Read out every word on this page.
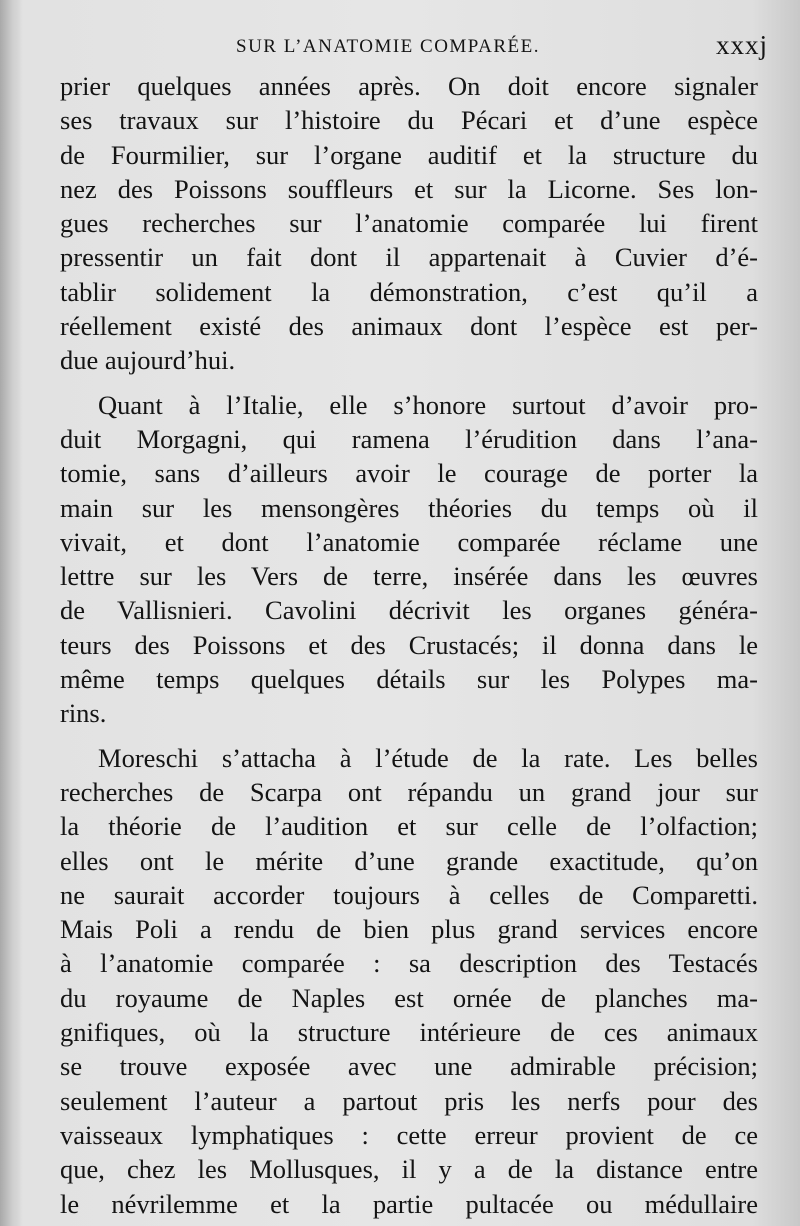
SUR L’ANATOMIE COMPARÉE.	xxxj
prier quelques années après. On doit encore signaler
ses travaux sur l’histoire du Pécari et d’une espèce
de Fourmilier, sur l’organe auditif et la structure du
nez des Poissons souffleurs et sur la Licorne. Ses lon-
gues recherches sur l’anatomie comparée lui firent
pressentir un fait dont il appartenait à Cuvier d’é-
tablir solidement la démonstration, c’est qu’il a
réellement existé des animaux dont l’espèce est per-
due aujourd’hui.
Quant à l’Italie, elle s’honore surtout d’avoir pro-
duit Morgagni, qui ramena l’érudition dans l’ana-
tomie, sans d’ailleurs avoir le courage de porter la
main sur les mensongères théories du temps où il
vivait, et dont l’anatomie comparée réclame une
lettre sur les Vers de terre, insérée dans les œuvres
de Vallisnieri. Cavolini décrivit les organes généra-
teurs des Poissons et des Crustacés; il donna dans le
même temps quelques détails sur les Polypes ma-
rins.
Moreschi s’attacha à l’étude de la rate. Les belles
recherches de Scarpa ont répandu un grand jour sur
la théorie de l’audition et sur celle de l’olfaction;
elles ont le mérite d’une grande exactitude, qu’on
ne saurait accorder toujours à celles de Comparetti.
Mais Poli a rendu de bien plus grand services encore
à l’anatomie comparée : sa description des Testacés
du royaume de Naples est ornée de planches ma-
gnifiques, où la structure intérieure de ces animaux
se trouve exposée avec une admirable précision;
seulement l’auteur a partout pris les nerfs pour des
vaisseaux lymphatiques : cette erreur provient de ce
que, chez les Mollusques, il y a de la distance entre
le névrilemme et la partie pultacée ou médullaire
